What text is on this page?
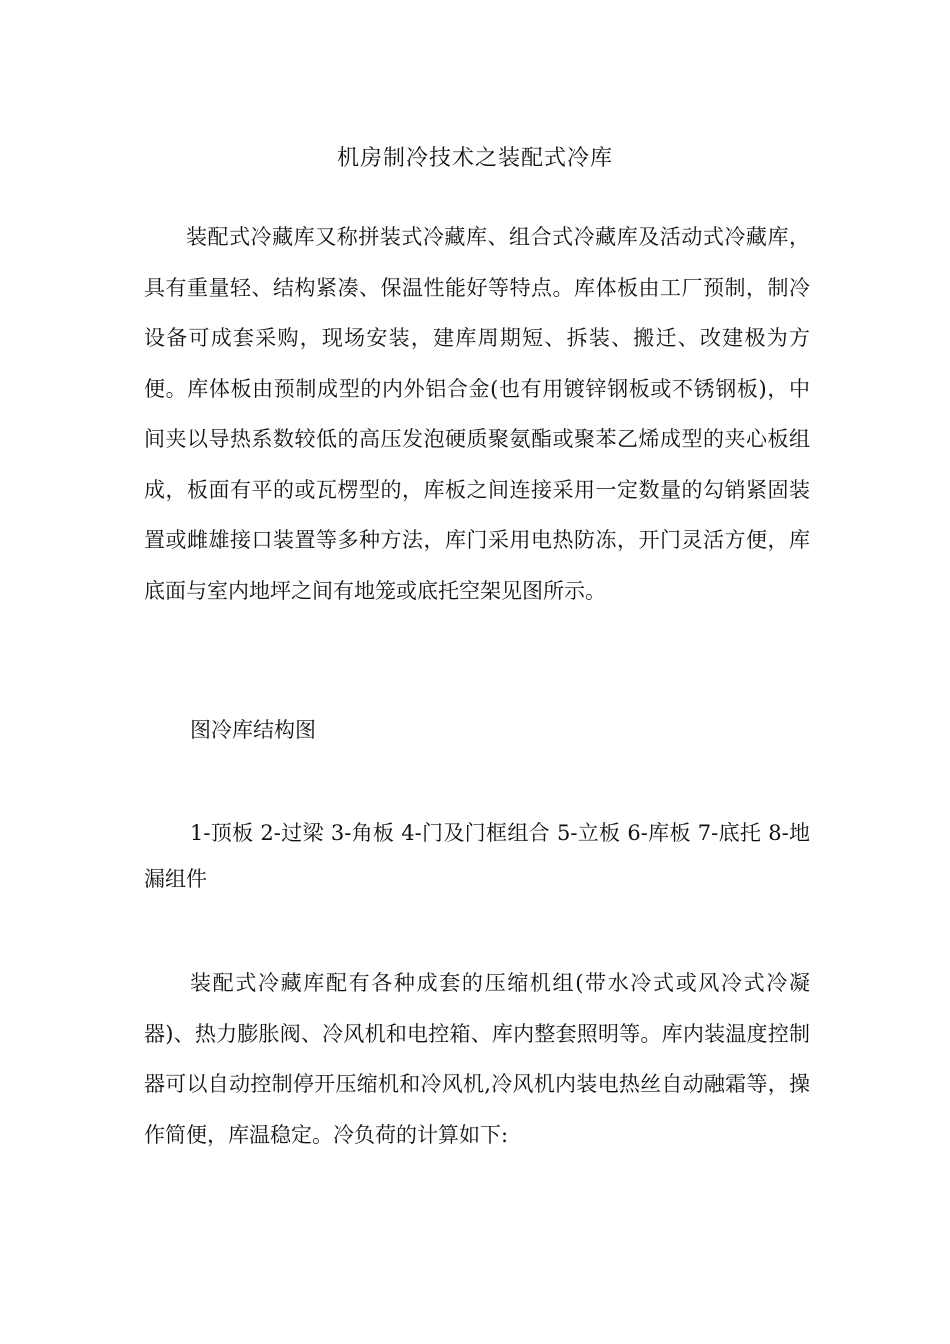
机房制冷技术之装配式冷库

装配式冷藏库又称拼装式冷藏库、组合式冷藏库及活动式冷藏库，具有重量轻、结构紧凑、保温性能好等特点。库体板由工厂预制，制冷设备可成套采购，现场安装，建库周期短、拆装、搬迁、改建极为方便。库体板由预制成型的内外铝合金(也有用镀锌钢板或不锈钢板)，中间夹以导热系数较低的高压发泡硬质聚氨酯或聚苯乙烯成型的夹心板组成，板面有平的或瓦楞型的，库板之间连接采用一定数量的勾销紧固装置或雌雄接口装置等多种方法，库门采用电热防冻，开门灵活方便，库底面与室内地坪之间有地笼或底托空架见图所示。

图冷库结构图

1-顶板 2-过梁 3-角板 4-门及门框组合 5-立板 6-库板 7-底托 8-地漏组件

装配式冷藏库配有各种成套的压缩机组(带水冷式或风冷式冷凝器)、热力膨胀阀、冷风机和电控箱、库内整套照明等。库内装温度控制器可以自动控制停开压缩机和冷风机,冷风机内装电热丝自动融霜等，操作简便，库温稳定。冷负荷的计算如下:
